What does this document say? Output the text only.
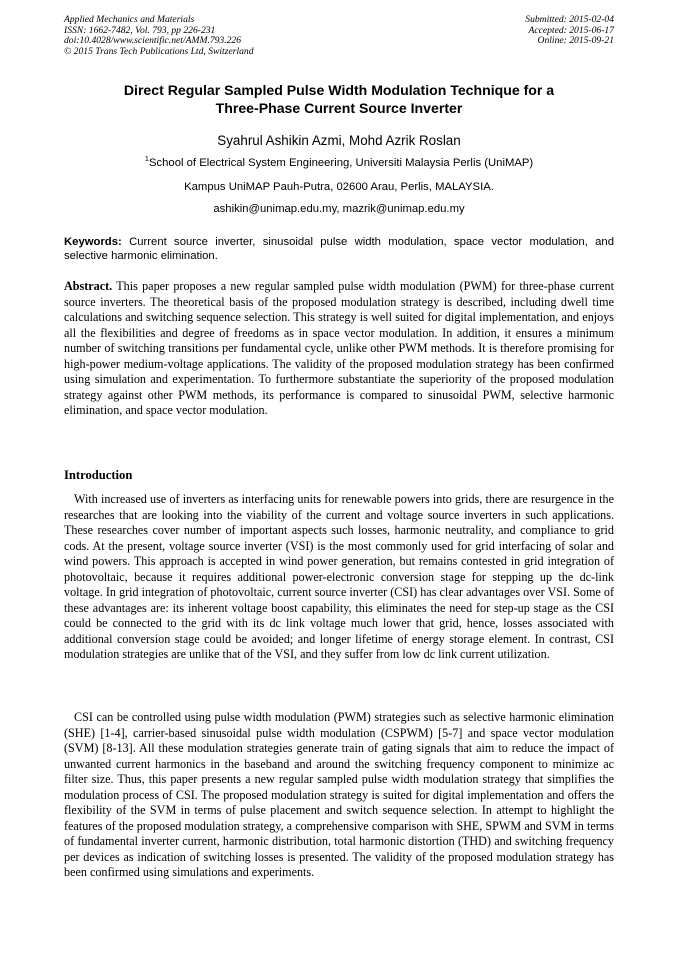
Applied Mechanics and Materials
ISSN: 1662-7482, Vol. 793, pp 226-231
doi:10.4028/www.scientific.net/AMM.793.226
© 2015 Trans Tech Publications Ltd, Switzerland
Submitted: 2015-02-04
Accepted: 2015-06-17
Online: 2015-09-21
Direct Regular Sampled Pulse Width Modulation Technique for a
Three-Phase Current Source Inverter
Syahrul Ashikin Azmi, Mohd Azrik Roslan
$^1$School of Electrical System Engineering, Universiti Malaysia Perlis (UniMAP)
Kampus UniMAP Pauh-Putra, 02600 Arau, Perlis, MALAYSIA.
ashikin@unimap.edu.my, mazrik@unimap.edu.my
Keywords: Current source inverter, sinusoidal pulse width modulation, space vector modulation, and selective harmonic elimination.
Abstract. This paper proposes a new regular sampled pulse width modulation (PWM) for three-phase current source inverters. The theoretical basis of the proposed modulation strategy is described, including dwell time calculations and switching sequence selection. This strategy is well suited for digital implementation, and enjoys all the flexibilities and degree of freedoms as in space vector modulation. In addition, it ensures a minimum number of switching transitions per fundamental cycle, unlike other PWM methods. It is therefore promising for high-power medium-voltage applications. The validity of the proposed modulation strategy has been confirmed using simulation and experimentation. To furthermore substantiate the superiority of the proposed modulation strategy against other PWM methods, its performance is compared to sinusoidal PWM, selective harmonic elimination, and space vector modulation.
Introduction
With increased use of inverters as interfacing units for renewable powers into grids, there are resurgence in the researches that are looking into the viability of the current and voltage source inverters in such applications. These researches cover number of important aspects such losses, harmonic neutrality, and compliance to grid cods. At the present, voltage source inverter (VSI) is the most commonly used for grid interfacing of solar and wind powers. This approach is accepted in wind power generation, but remains contested in grid integration of photovoltaic, because it requires additional power-electronic conversion stage for stepping up the dc-link voltage. In grid integration of photovoltaic, current source inverter (CSI) has clear advantages over VSI. Some of these advantages are: its inherent voltage boost capability, this eliminates the need for step-up stage as the CSI could be connected to the grid with its dc link voltage much lower that grid, hence, losses associated with additional conversion stage could be avoided; and longer lifetime of energy storage element. In contrast, CSI modulation strategies are unlike that of the VSI, and they suffer from low dc link current utilization.
CSI can be controlled using pulse width modulation (PWM) strategies such as selective harmonic elimination (SHE) [1-4], carrier-based sinusoidal pulse width modulation (CSPWM) [5-7] and space vector modulation (SVM) [8-13]. All these modulation strategies generate train of gating signals that aim to reduce the impact of unwanted current harmonics in the baseband and around the switching frequency component to minimize ac filter size. Thus, this paper presents a new regular sampled pulse width modulation strategy that simplifies the modulation process of CSI. The proposed modulation strategy is suited for digital implementation and offers the flexibility of the SVM in terms of pulse placement and switch sequence selection. In attempt to highlight the features of the proposed modulation strategy, a comprehensive comparison with SHE, SPWM and SVM in terms of fundamental inverter current, harmonic distribution, total harmonic distortion (THD) and switching frequency per devices as indication of switching losses is presented. The validity of the proposed modulation strategy has been confirmed using simulations and experiments.
